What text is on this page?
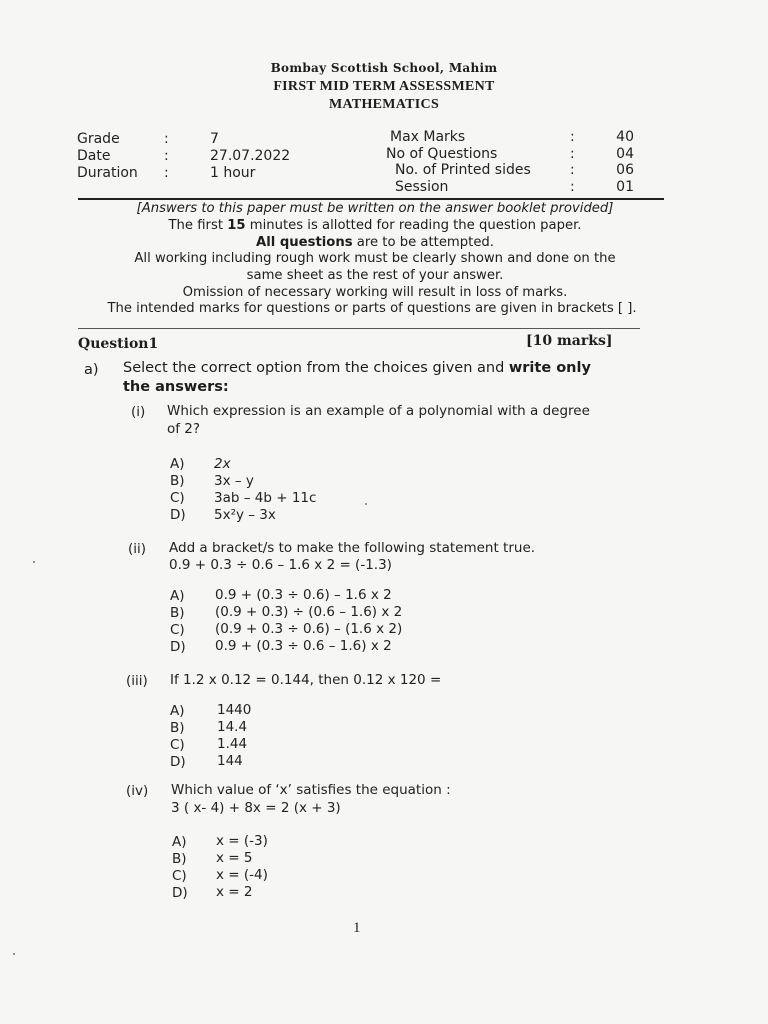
Bombay Scottish School, Mahim
FIRST MID TERM ASSESSMENT
MATHEMATICS
Grade	:	7
Date	:	27.07.2022
Duration :	1 hour
Max Marks	:	40
No of Questions	:	04
No. of Printed sides	:	06
Session	:	01
[Answers to this paper must be written on the answer booklet provided]
The first 15 minutes is allotted for reading the question paper.
All questions are to be attempted.
All working including rough work must be clearly shown and done on the
same sheet as the rest of your answer.
Omission of necessary working will result in loss of marks.
The intended marks for questions or parts of questions are given in brackets [ ].
Question1	[10 marks]
a) Select the correct option from the choices given and write only
the answers:
(i) Which expression is an example of a polynomial with a degree
of 2?
A) 2x
B) 3x – y
C) 3ab – 4b + 11c
D) 5x²y – 3x
(ii) Add a bracket/s to make the following statement true.
0.9 + 0.3 ÷ 0.6 – 1.6 x 2 = (-1.3)
A) 0.9 + (0.3 ÷ 0.6) – 1.6 x 2
B) (0.9 + 0.3) ÷ (0.6 – 1.6) x 2
C) (0.9 + 0.3 ÷ 0.6) – (1.6 x 2)
D) 0.9 + (0.3 ÷ 0.6 – 1.6) x 2
(iii) If 1.2 x 0.12 = 0.144, then 0.12 x 120 =
A) 1440
B) 14.4
C) 1.44
D) 144
(iv) Which value of ‘x’ satisfies the equation :
3 ( x- 4) + 8x = 2 (x + 3)
A) x = (-3)
B) x = 5
C) x = (-4)
D) x = 2
1
